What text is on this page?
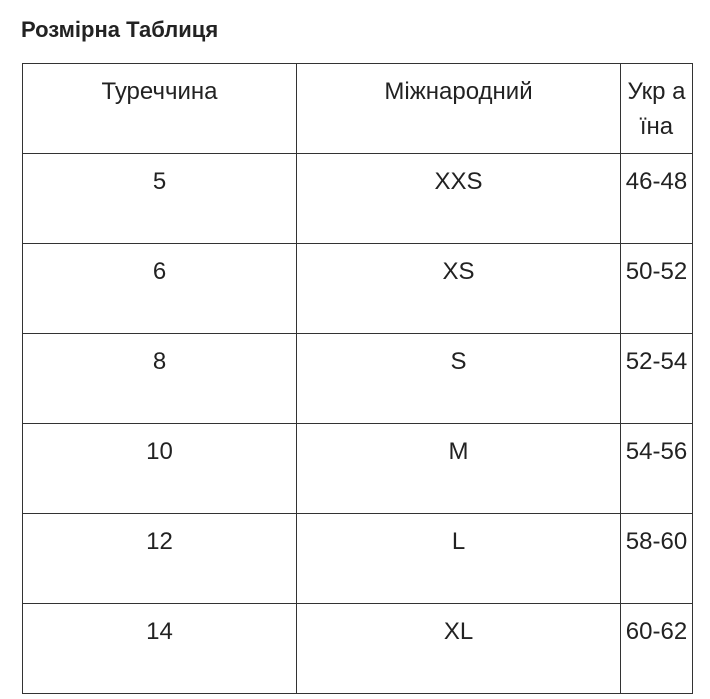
Розмірна Таблиця
Туреччина	Міжнародний	Укр аїна

5	XXS	46-48

6	XS	50-52

8	S	52-54

10	M	54-56

12	L	58-60

14	XL	60-62
